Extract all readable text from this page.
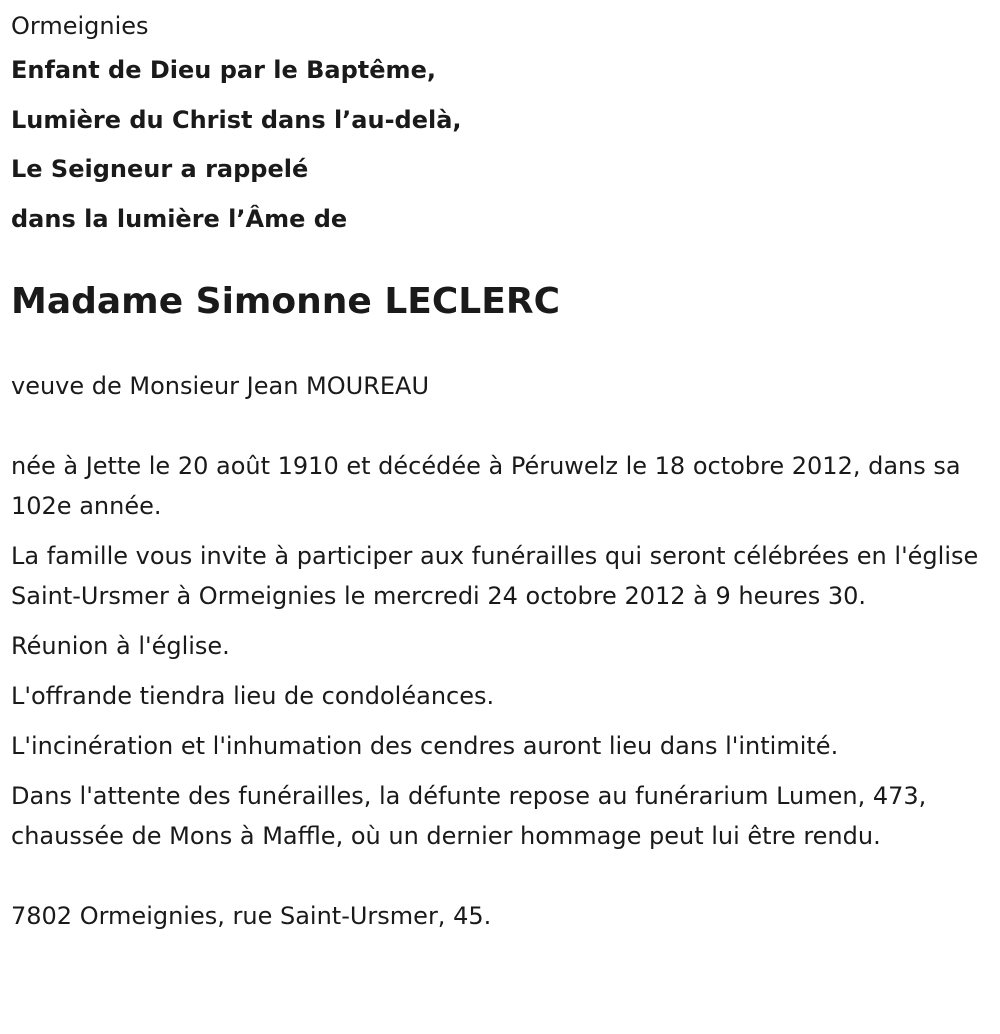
Ormeignies
Enfant de Dieu par le Baptême,
Lumière du Christ dans l’au-delà,
Le Seigneur a rappelé
dans la lumière l’Âme de
Madame Simonne LECLERC
veuve de Monsieur Jean MOUREAU

née à Jette le 20 août 1910 et décédée à Péruwelz le 18 octobre 2012, dans sa 102e année.

La famille vous invite à participer aux funérailles qui seront célébrées en l'église Saint-Ursmer à Ormeignies le mercredi 24 octobre 2012 à 9 heures 30.

Réunion à l'église.

L'offrande tiendra lieu de condoléances.

L'incinération et l'inhumation des cendres auront lieu dans l'intimité.

Dans l'attente des funérailles, la défunte repose au funérarium Lumen, 473, chaussée de Mons à Maffle, où un dernier hommage peut lui être rendu.

7802 Ormeignies, rue Saint-Ursmer, 45.
